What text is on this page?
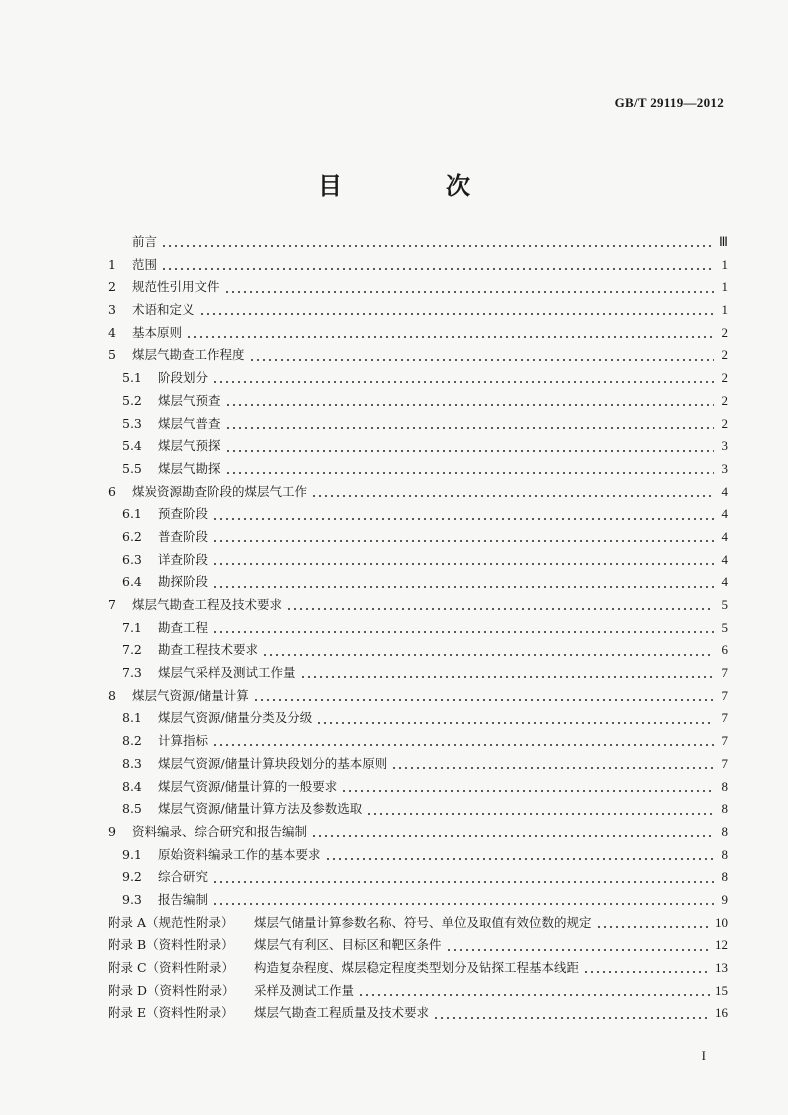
GB/T 29119—2012
目　次
前言	Ⅲ
1	范围	1
2	规范性引用文件	1
3	术语和定义	1
4	基本原则	2
5	煤层气勘查工作程度	2
5.1	阶段划分	2
5.2	煤层气预查	2
5.3	煤层气普查	2
5.4	煤层气预探	3
5.5	煤层气勘探	3
6	煤炭资源勘查阶段的煤层气工作	4
6.1	预查阶段	4
6.2	普查阶段	4
6.3	详查阶段	4
6.4	勘探阶段	4
7	煤层气勘查工程及技术要求	5
7.1	勘查工程	5
7.2	勘查工程技术要求	6
7.3	煤层气采样及测试工作量	7
8	煤层气资源/储量计算	7
8.1	煤层气资源/储量分类及分级	7
8.2	计算指标	7
8.3	煤层气资源/储量计算块段划分的基本原则	7
8.4	煤层气资源/储量计算的一般要求	8
8.5	煤层气资源/储量计算方法及参数选取	8
9	资料编录、综合研究和报告编制	8
9.1	原始资料编录工作的基本要求	8
9.2	综合研究	8
9.3	报告编制	9
附录 A（规范性附录）	煤层气储量计算参数名称、符号、单位及取值有效位数的规定	10
附录 B（资料性附录）	煤层气有利区、目标区和靶区条件	12
附录 C（资料性附录）	构造复杂程度、煤层稳定程度类型划分及钻探工程基本线距	13
附录 D（资料性附录）	采样及测试工作量	15
附录 E（资料性附录）	煤层气勘查工程质量及技术要求	16
I
